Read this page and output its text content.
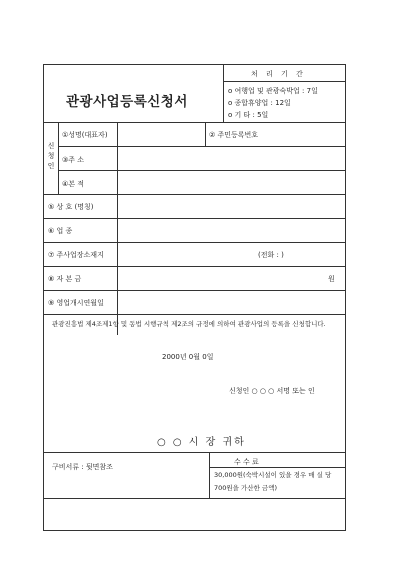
관광사업등록신청서
처 리 기 간
o 여행업 및 관광숙박업 : 7일
o 종합휴양업 : 12일
o 기 타 : 5일
신청인
①성명(대표자)	② 주민등록번호
③주 소
④본 적
⑤ 상 호 (명칭)
⑥ 업 종
⑦ 주사업장소재지	(전화 : )
⑧ 자 본 금	원
⑨ 영업개시연월일
관광진흥법 제4조제1항 및 동법 시행규칙 제2조의 규정에 의하여 관광사업의 등록을 신청합니다.
2000년 0월 0일
신청인 ○ ○ ○ 서명 또는 인
○ ○ 시 장 귀하
구비서류 : 뒷면참조
수 수 료
30,000원(숙박시설이 있을 경우 매 실 당 700원을 가산한 금액)
